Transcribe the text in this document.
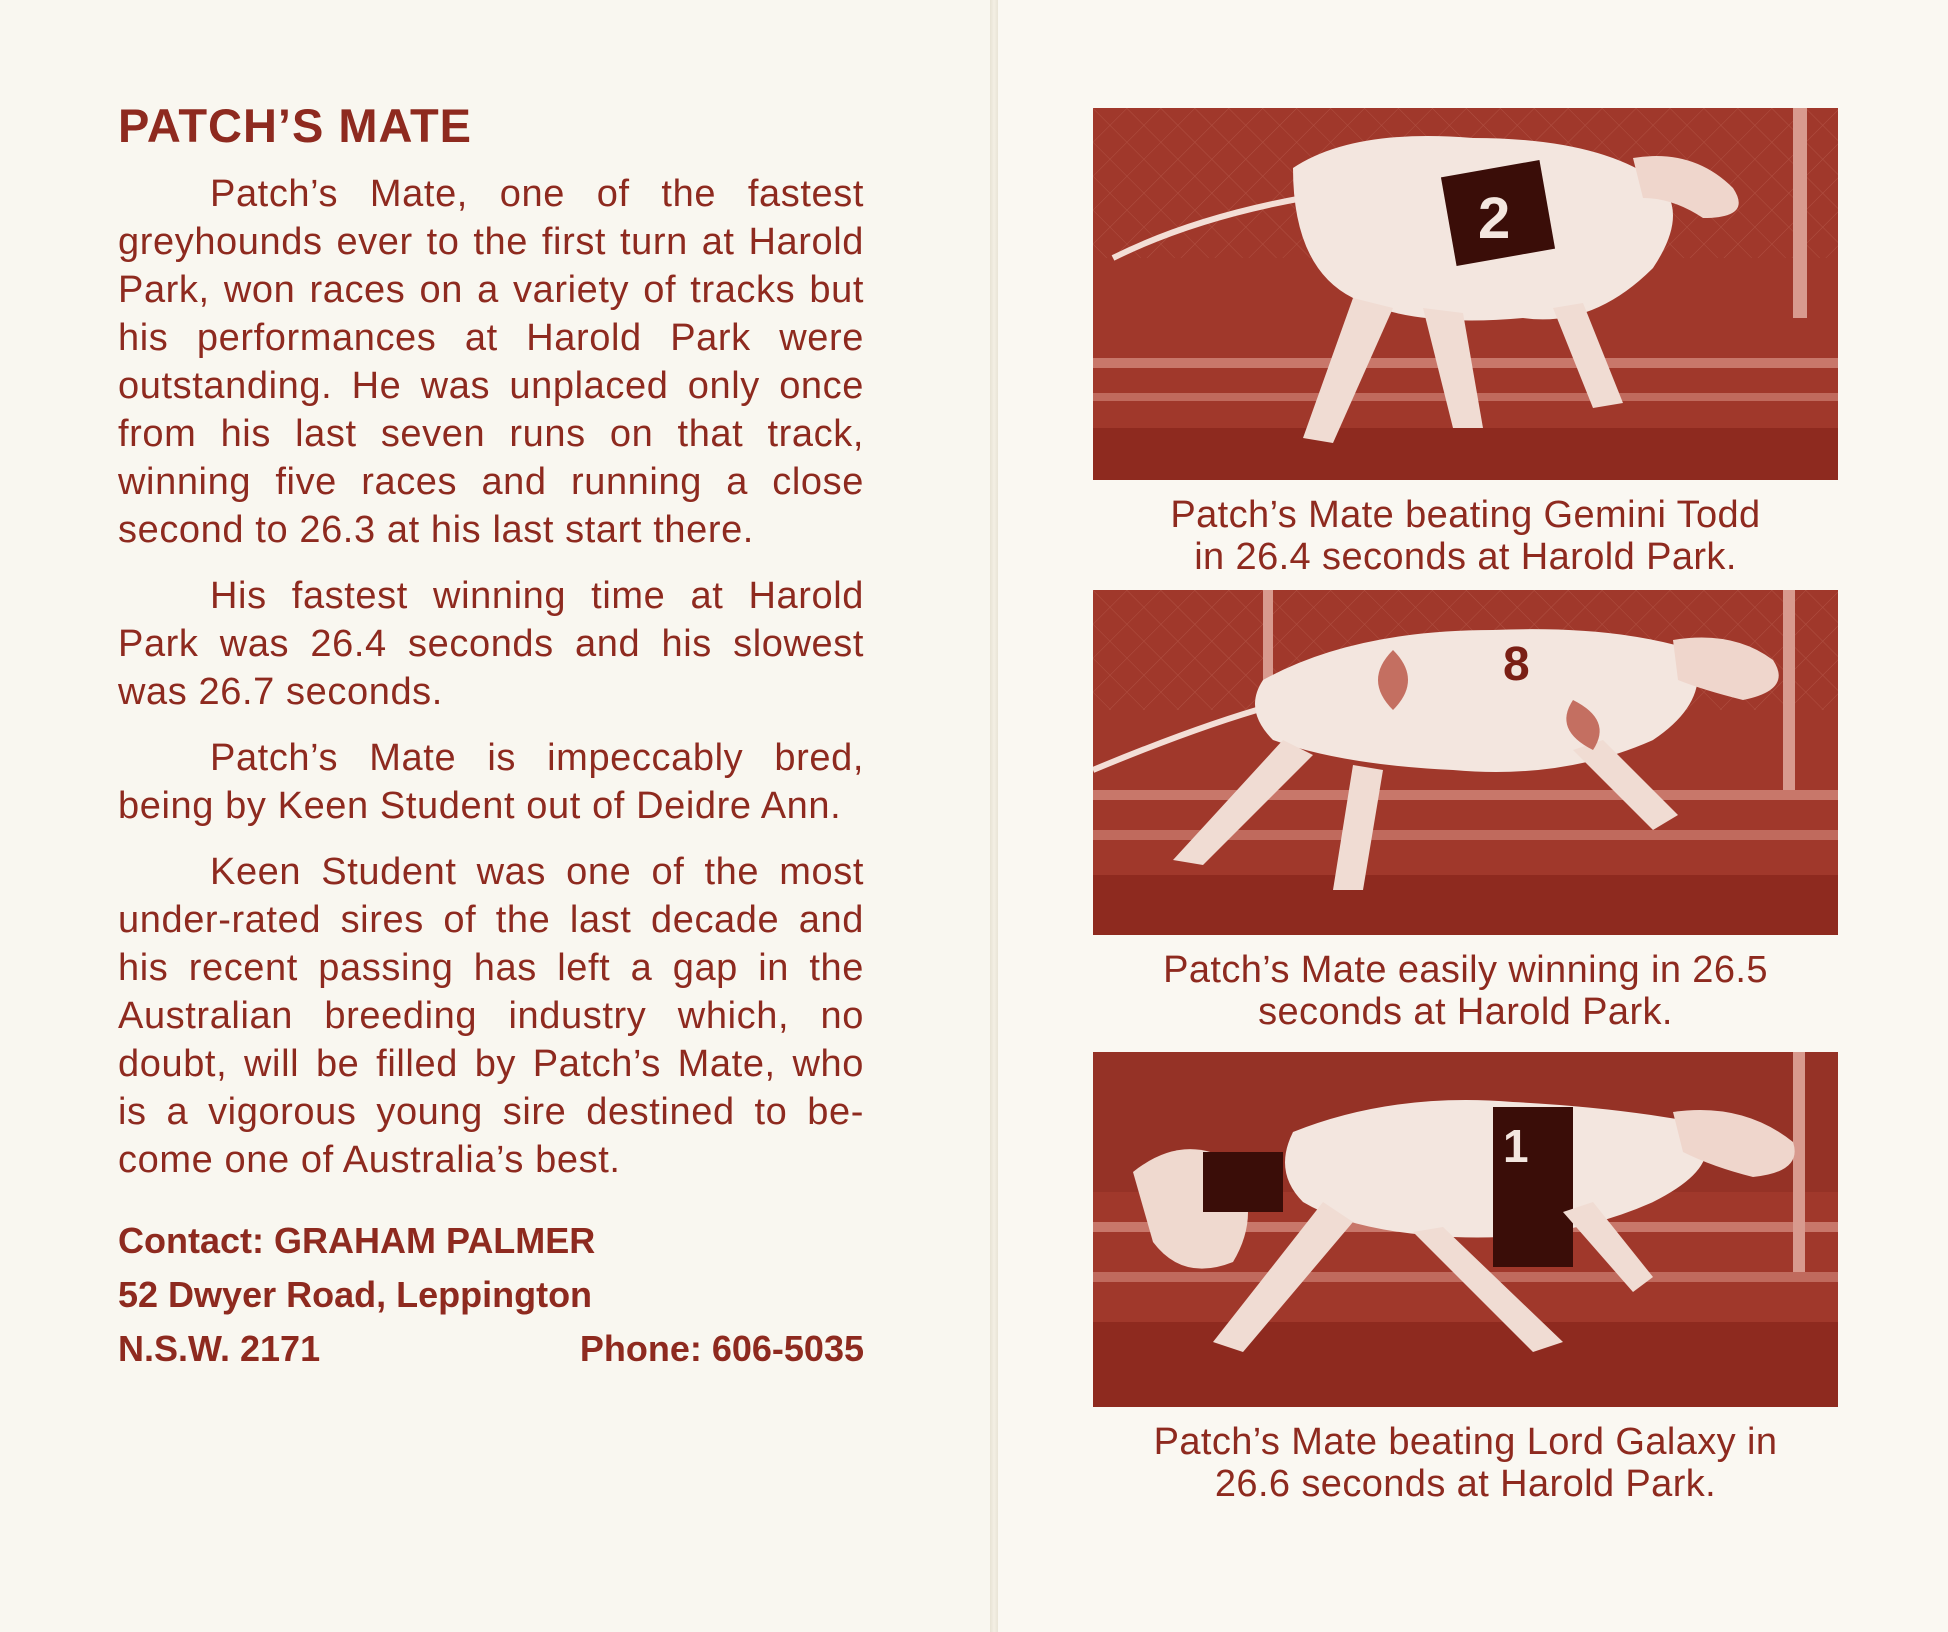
PATCH’S MATE

Patch’s Mate, one of the fastest greyhounds ever to the first turn at Harold Park, won races on a variety of tracks but his performances at Harold Park were outstanding. He was unplaced only once from his last seven runs on that track, winning five races and running a close second to 26.3 at his last start there.

His fastest winning time at Harold Park was 26.4 seconds and his slowest was 26.7 seconds.

Patch’s Mate is impeccably bred, being by Keen Student out of Deidre Ann.

Keen Student was one of the most under-rated sires of the last decade and his recent passing has left a gap in the Australian breeding industry which, no doubt, will be filled by Patch’s Mate, who is a vigorous young sire destined to be-come one of Australia’s best.

Contact: GRAHAM PALMER
52 Dwyer Road, Leppington
N.S.W. 2171	Phone: 606-5035
2
Patch’s Mate beating Gemini Todd
in 26.4 seconds at Harold Park.
8
Patch’s Mate easily winning in 26.5
seconds at Harold Park.
1
Patch’s Mate beating Lord Galaxy in
26.6 seconds at Harold Park.
